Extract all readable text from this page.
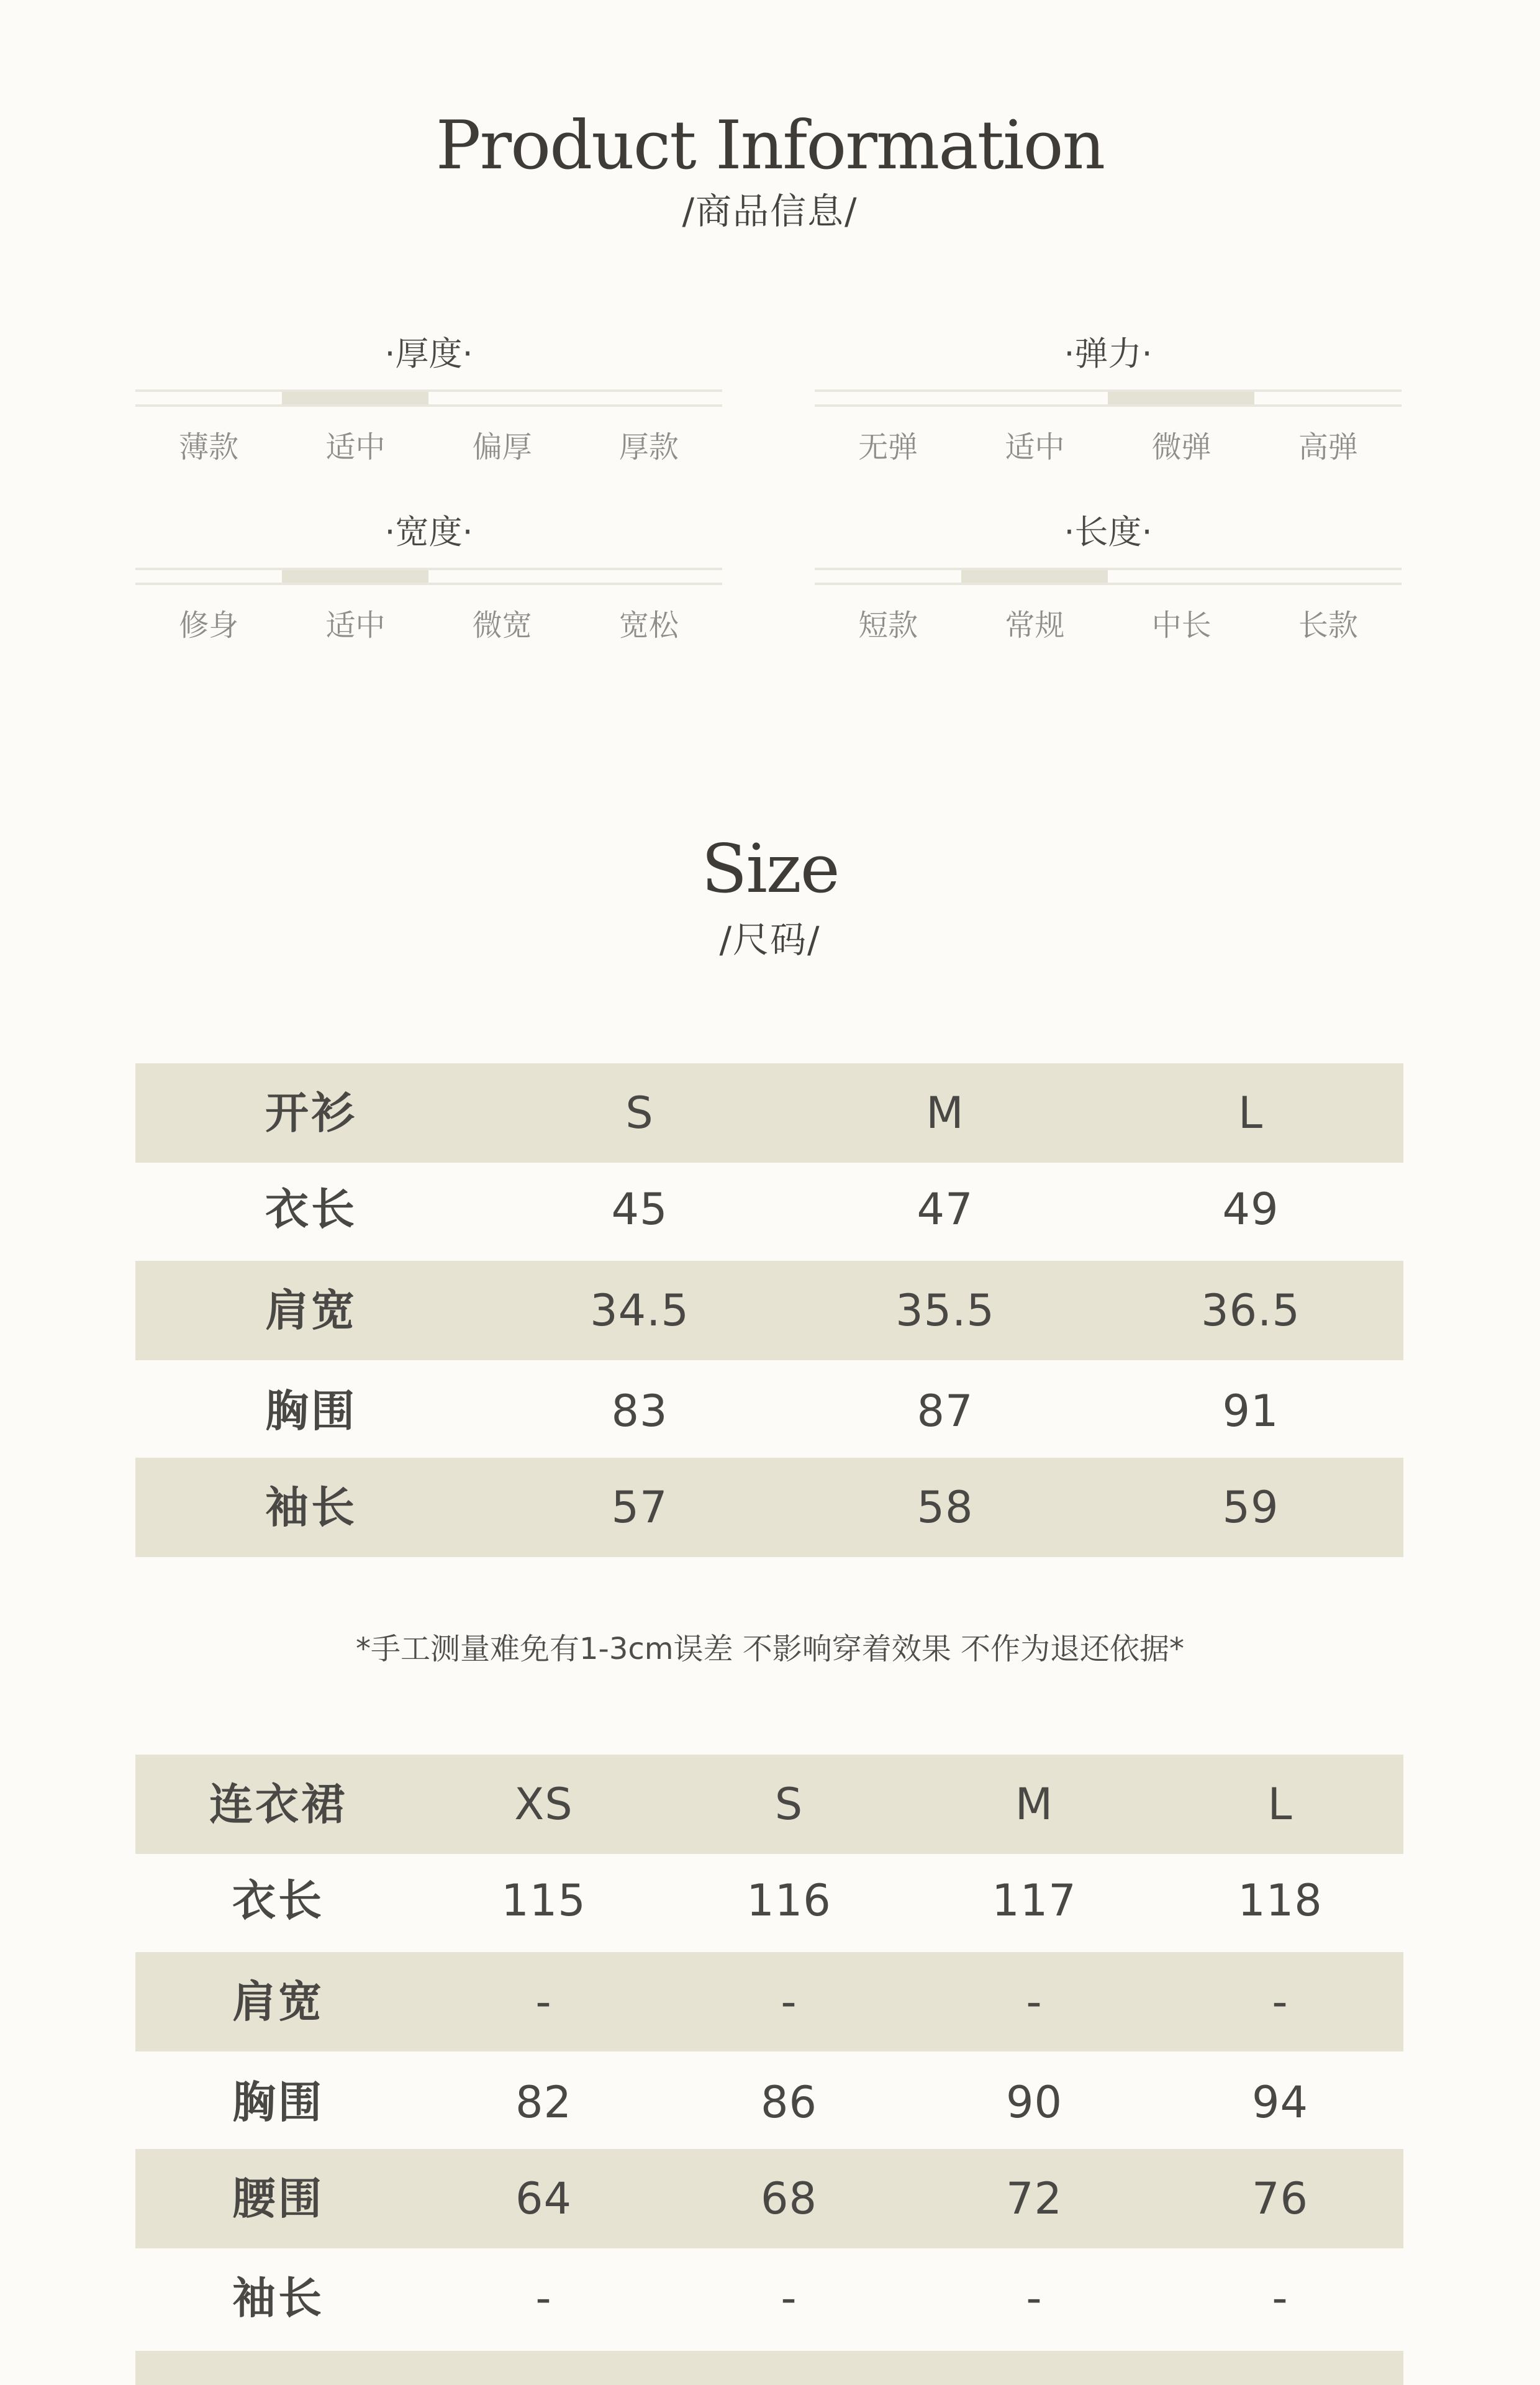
Product Information
/商品信息/
·厚度·
薄款	适中	偏厚	厚款
·弹力·
无弹	适中	微弹	高弹
·宽度·
修身	适中	微宽	宽松
·长度·
短款	常规	中长	长款
Size
/尺码/
开衫	S	M	L
衣长	45	47	49
肩宽	34.5	35.5	36.5
胸围	83	87	91
袖长	57	58	59
*手工测量难免有1-3cm误差 不影响穿着效果 不作为退还依据*
连衣裙	XS	S	M	L
衣长	115	116	117	118
肩宽	-	-	-	-
胸围	82	86	90	94
腰围	64	68	72	76
袖长	-	-	-	-
